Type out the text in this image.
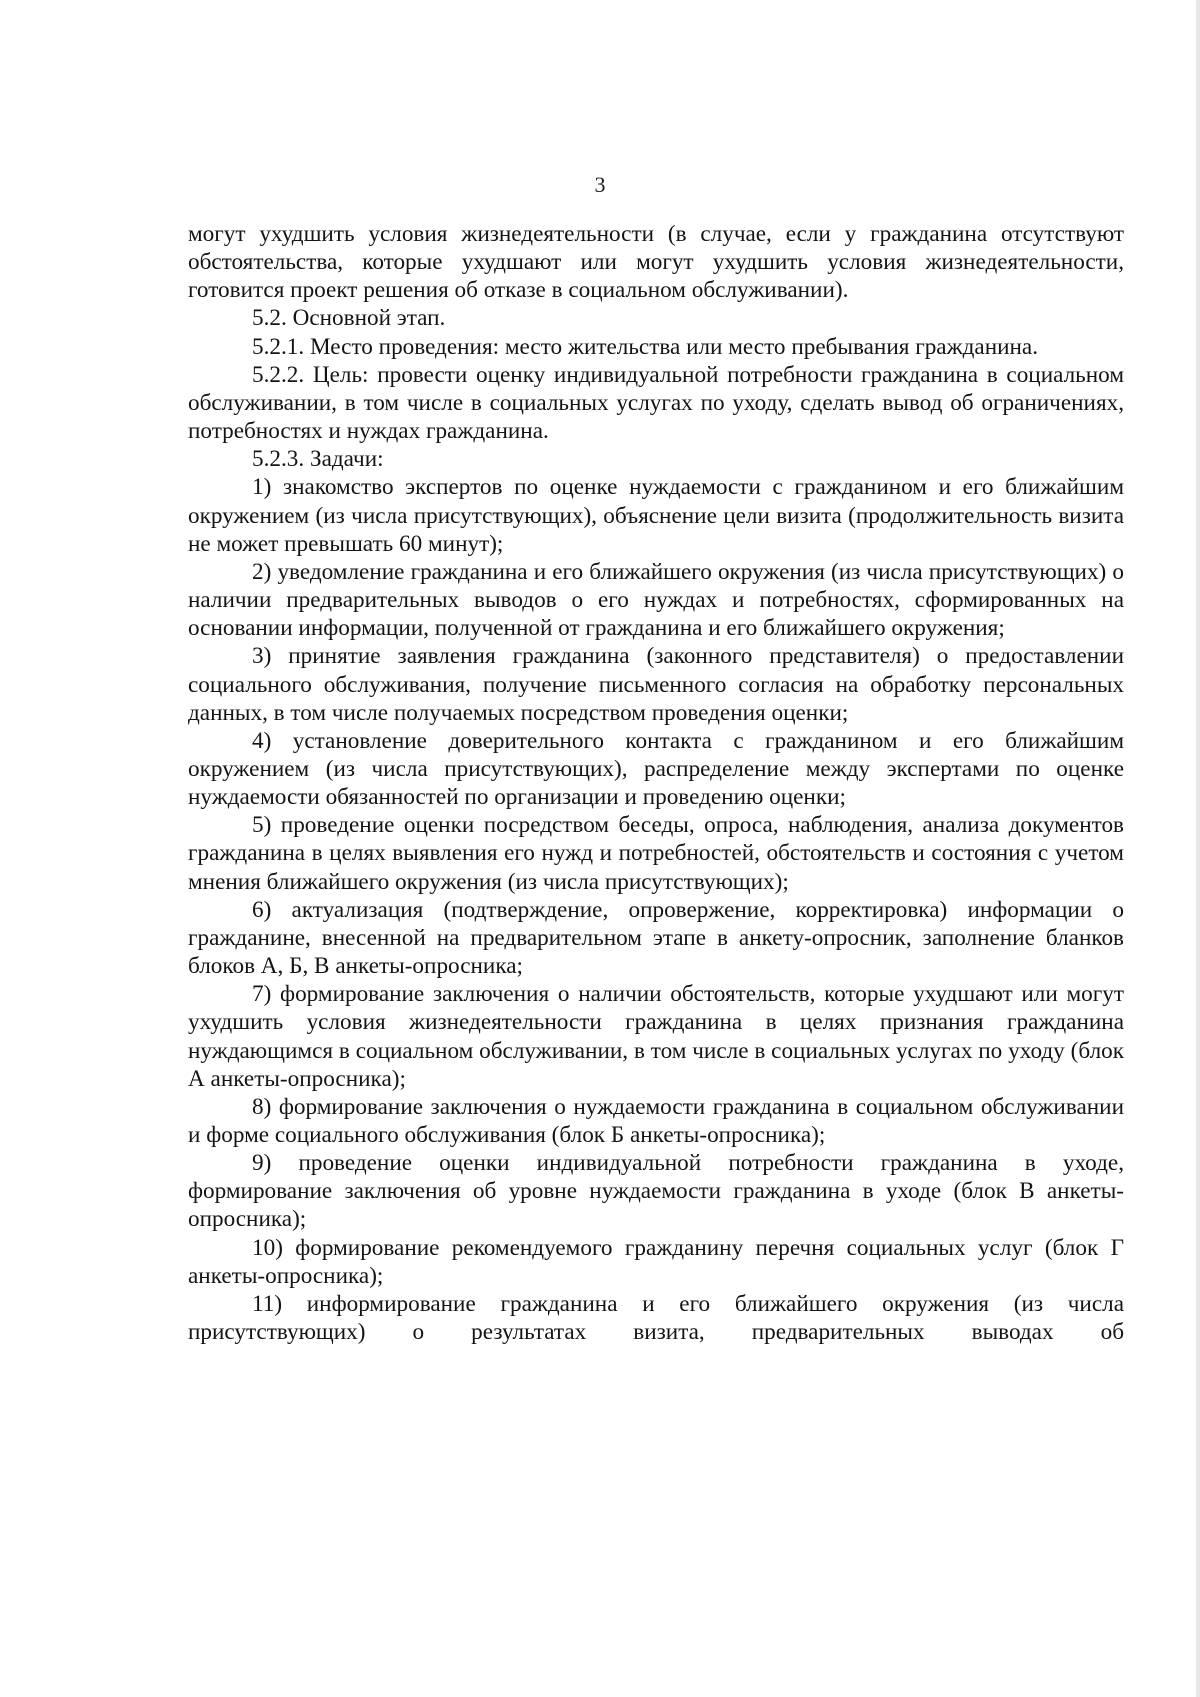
3

могут ухудшить условия жизнедеятельности (в случае, если у гражданина отсутствуют обстоятельства, которые ухудшают или могут ухудшить условия жизнедеятельности, готовится проект решения об отказе в социальном обслуживании).

5.2. Основной этап.

5.2.1. Место проведения: место жительства или место пребывания гражданина.

5.2.2. Цель: провести оценку индивидуальной потребности гражданина в социальном обслуживании, в том числе в социальных услугах по уходу, сделать вывод об ограничениях, потребностях и нуждах гражданина.

5.2.3. Задачи:

1) знакомство экспертов по оценке нуждаемости с гражданином и его ближайшим окружением (из числа присутствующих), объяснение цели визита (продолжительность визита не может превышать 60 минут);

2) уведомление гражданина и его ближайшего окружения (из числа присутствующих) о наличии предварительных выводов о его нуждах и потребностях, сформированных на основании информации, полученной от гражданина и его ближайшего окружения;

3) принятие заявления гражданина (законного представителя) о предоставлении социального обслуживания, получение письменного согласия на обработку персональных данных, в том числе получаемых посредством проведения оценки;

4) установление доверительного контакта с гражданином и его ближайшим окружением (из числа присутствующих), распределение между экспертами по оценке нуждаемости обязанностей по организации и проведению оценки;

5) проведение оценки посредством беседы, опроса, наблюдения, анализа документов гражданина в целях выявления его нужд и потребностей, обстоятельств и состояния с учетом мнения ближайшего окружения (из числа присутствующих);

6) актуализация (подтверждение, опровержение, корректировка) информации о гражданине, внесенной на предварительном этапе в анкету-опросник, заполнение бланков блоков А, Б, В анкеты-опросника;

7) формирование заключения о наличии обстоятельств, которые ухудшают или могут ухудшить условия жизнедеятельности гражданина в целях признания гражданина нуждающимся в социальном обслуживании, в том числе в социальных услугах по уходу (блок А анкеты-опросника);

8) формирование заключения о нуждаемости гражданина в социальном обслуживании и форме социального обслуживания (блок Б анкеты-опросника);

9) проведение оценки индивидуальной потребности гражданина в уходе, формирование заключения об уровне нуждаемости гражданина в уходе (блок В анкеты-опросника);

10) формирование рекомендуемого гражданину перечня социальных услуг (блок Г анкеты-опросника);

11) информирование гражданина и его ближайшего окружения (из числа присутствующих) о результатах визита, предварительных выводах об
